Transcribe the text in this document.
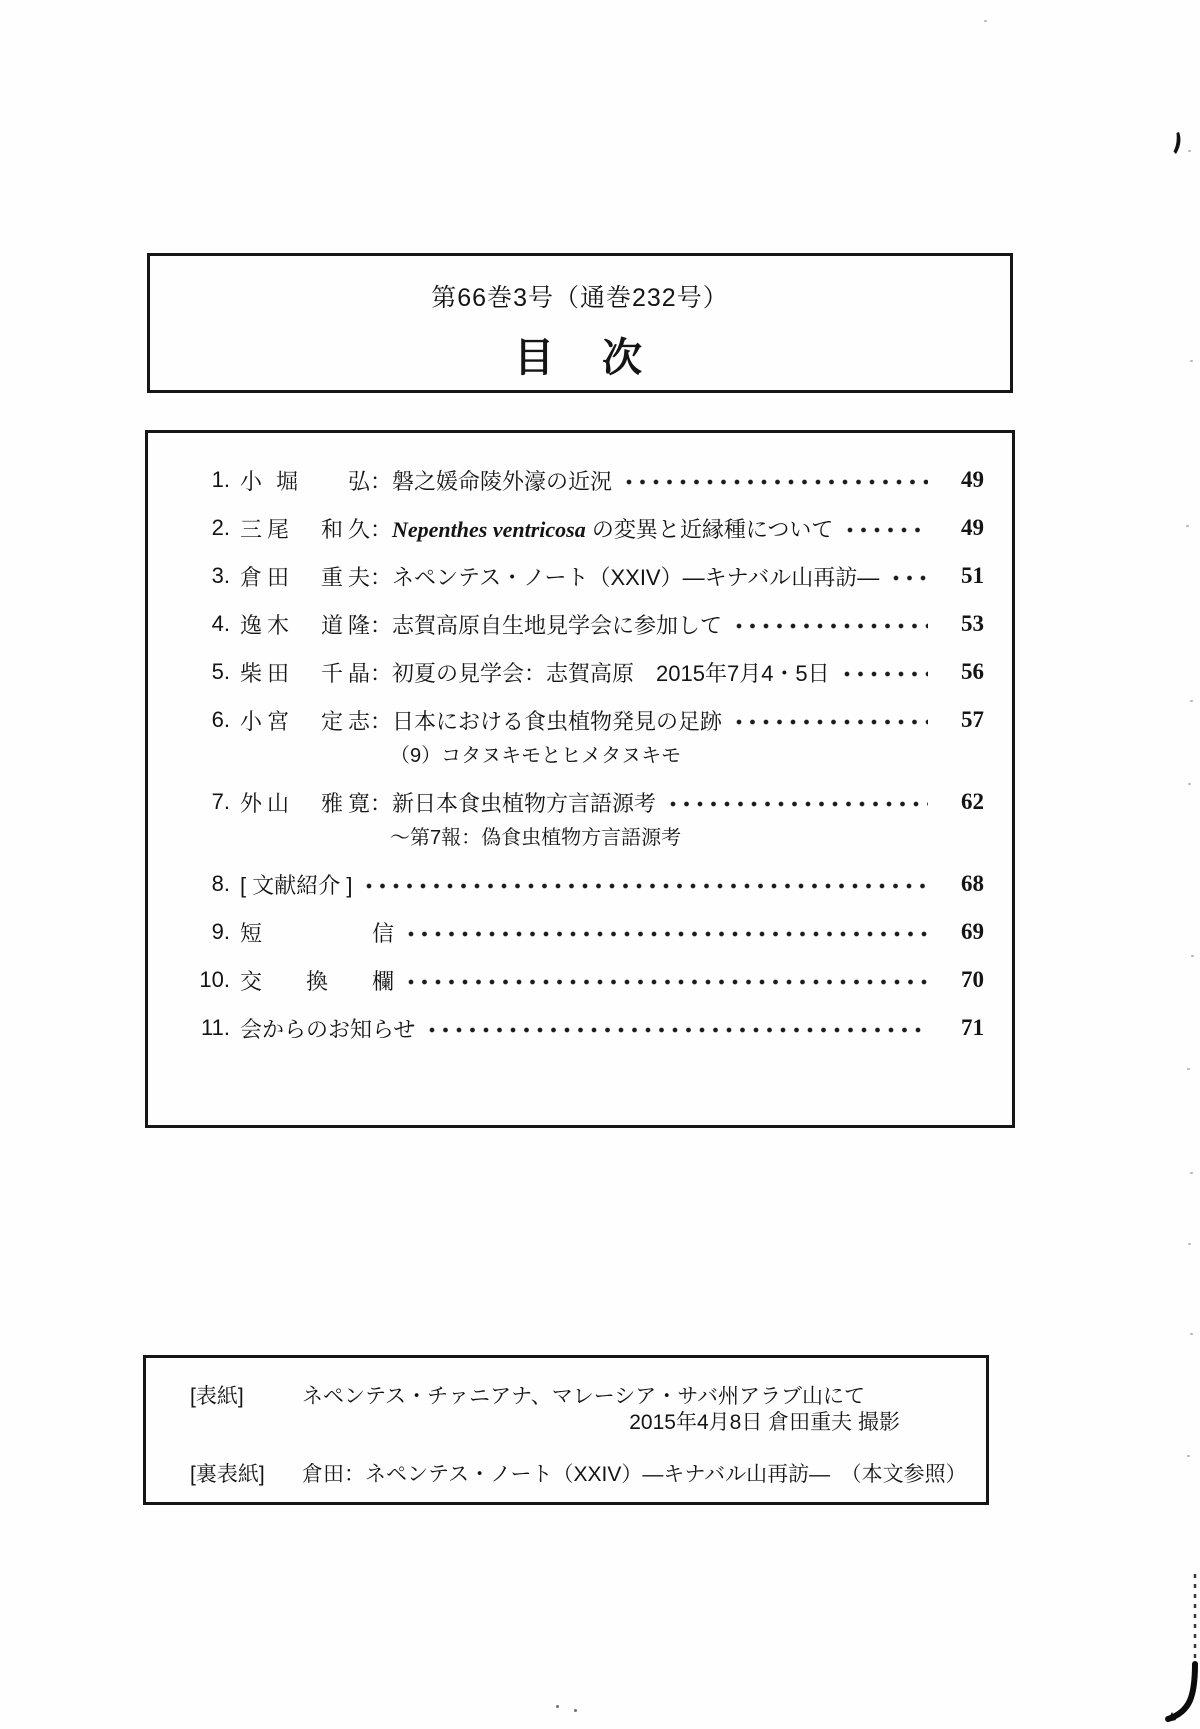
第66巻3号（通巻232号）
目　次
1. 小堀　弘：磐之媛命陵外濠の近況	49
2. 三尾　和久：Nepenthes ventricosa の変異と近縁種について	49
3. 倉田　重夫：ネペンテス・ノート（XXIV）―キナバル山再訪―	51
4. 逸木　道隆：志賀高原自生地見学会に参加して	53
5. 柴田　千晶：初夏の見学会：志賀高原　2015年7月4・5日	56
6. 小宮　定志：日本における食虫植物発見の足跡	57
（9）コタヌキモとヒメタヌキモ
7. 外山　雅寛：新日本食虫植物方言語源考	62
～第7報：偽食虫植物方言語源考
8. [ 文献紹介 ]	68
9. 短　　　　　信	69
10. 交　　換　　欄	70
11. 会からのお知らせ	71
[表紙]	ネペンテス・チァニアナ、マレーシア・サバ州アラブ山にて
2015年4月8日 倉田重夫 撮影
[裏表紙]	倉田：ネペンテス・ノート（XXIV）―キナバル山再訪―　（本文参照）
